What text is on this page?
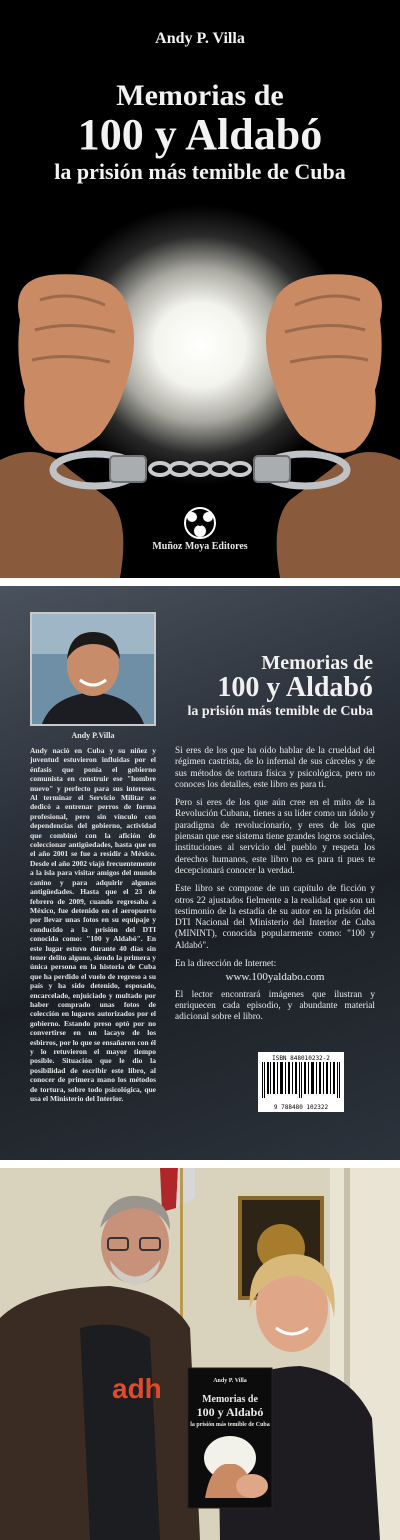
Andy P. Villa
Memorias de
100 y Aldabó
la prisión más temible de Cuba
Muñoz Moya Editores
Andy P.Villa
Memorias de
100 y Aldabó
la prisión más temible de Cuba
Andy nació en Cuba y su niñez y juventud estuvieron influidas por el énfasis que ponía el gobierno comunista en construir ese "hombre nuevo" y perfecto para sus intereses. Al terminar el Servicio Militar se dedicó a entrenar perros de forma profesional, pero sin vínculo con dependencias del gobierno, actividad que combinó con la afición de coleccionar antigüedades, hasta que en el año 2001 se fue a residir a México. Desde el año 2002 viajó frecuentemente a la isla para visitar amigos del mundo canino y para adquirir algunas antigüedades. Hasta que el 23 de febrero de 2009, cuando regresaba a México, fue detenido en el aeropuerto por llevar unas fotos en su equipaje y conducido a la prisión del DTI conocida como: "100 y Aldabó". En este lugar estuvo durante 40 días sin tener delito alguno, siendo la primera y única persona en la historia de Cuba que ha perdido el vuelo de regreso a su país y ha sido detenido, esposado, encarcelado, enjuiciado y multado por haber comprado unas fotos de colección en lugares autorizados por el gobierno. Estando preso optó por no convertirse en un lacayo de los esbirros, por lo que se ensañaron con él y lo retuvieron el mayor tiempo posible. Situación que le dio la posibilidad de escribir este libro, al conocer de primera mano los métodos de tortura, sobre todo psicológica, que usa el Ministerio del Interior.

Si eres de los que ha oído hablar de la crueldad del régimen castrista, de lo infernal de sus cárceles y de sus métodos de tortura física y psicológica, pero no conoces los detalles, este libro es para ti.

Pero si eres de los que aún cree en el mito de la Revolución Cubana, tienes a su líder como un ídolo y paradigma de revolucionario, y eres de los que piensan que ese sistema tiene grandes logros sociales, instituciones al servicio del pueblo y respeta los derechos humanos, este libro no es para ti pues te decepcionará conocer la verdad.

Este libro se compone de un capítulo de ficción y otros 22 ajustados fielmente a la realidad que son un testimonio de la estadía de su autor en la prisión del DTI Nacional del Ministerio del Interior de Cuba (MININT), conocida popularmente como: "100 y Aldabó".

En la dirección de Internet:

www.100yaldabo.com

El lector encontrará imágenes que ilustran y enriquecen cada episodio, y abundante material adicional sobre el libro.

ISBN 848010232-2
9 788480 102322
adh	Andy P. Villa
Memorias de
100 y Aldabó
la prisión más temible de Cuba
